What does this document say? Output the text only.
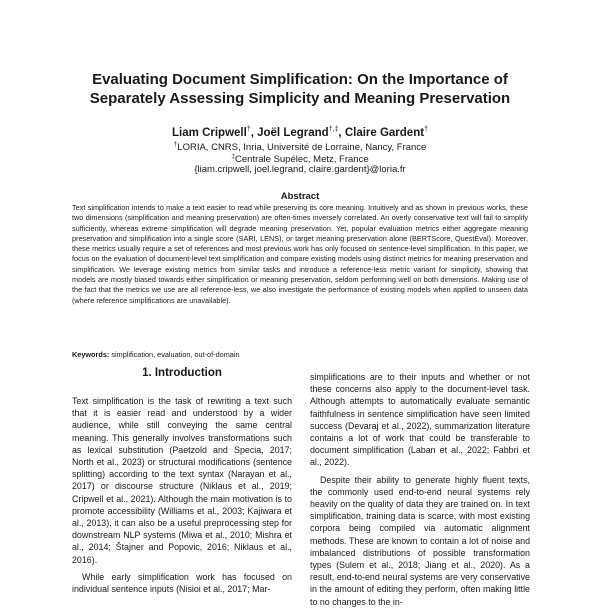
Evaluating Document Simplification: On the Importance of
Separately Assessing Simplicity and Meaning Preservation
Liam Cripwell†, Joël Legrand†,‡, Claire Gardent†
†LORIA, CNRS, Inria, Université de Lorraine, Nancy, France
‡Centrale Supélec, Metz, France
{liam.cripwell, joel.legrand, claire.gardent}@loria.fr
Abstract
Text simplification intends to make a text easier to read while preserving its core meaning. Intuitively and as shown in previous works, these two dimensions (simplification and meaning preservation) are often-times inversely correlated. An overly conservative text will fail to simplify sufficiently, whereas extreme simplification will degrade meaning preservation. Yet, popular evaluation metrics either aggregate meaning preservation and simplification into a single score (SARI, LENS), or target meaning preservation alone (BERTScore, QuestEval). Moreover, these metrics usually require a set of references and most previous work has only focused on sentence-level simplification. In this paper, we focus on the evaluation of document-level text simplification and compare existing models using distinct metrics for meaning preservation and simplification. We leverage existing metrics from similar tasks and introduce a reference-less metric variant for simplicity, showing that models are mostly biased towards either simplification or meaning preservation, seldom performing well on both dimensions. Making use of the fact that the metrics we use are all reference-less, we also investigate the performance of existing models when applied to unseen data (where reference simplifications are unavailable).
Keywords: simplification, evaluation, out-of-domain
1. Introduction

Text simplification is the task of rewriting a text such that it is easier read and understood by a wider audience, while still conveying the same central meaning. This generally involves transformations such as lexical substitution (Paetzold and Specia, 2017; North et al., 2023) or structural modifications (sentence splitting) according to the text syntax (Narayan et al., 2017) or discourse structure (Niklaus et al., 2019; Cripwell et al., 2021). Although the main motivation is to promote accessibility (Williams et al., 2003; Kajiwara et al., 2013), it can also be a useful preprocessing step for downstream NLP systems (Miwa et al., 2010; Mishra et al., 2014; Štajner and Popovic, 2016; Niklaus et al., 2016).

While early simplification work has focused on individual sentence inputs (Nisioi et al., 2017; Mar-

simplifications are to their inputs and whether or not these concerns also apply to the document-level task. Although attempts to automatically evaluate semantic faithfulness in sentence simplification have seen limited success (Devaraj et al., 2022), summarization literature contains a lot of work that could be transferable to document simplification (Laban et al., 2022; Fabbri et al., 2022).

Despite their ability to generate highly fluent texts, the commonly used end-to-end neural systems rely heavily on the quality of data they are trained on. In text simplification, training data is scarce, with most existing corpora being compiled via automatic alignment methods. These are known to contain a lot of noise and imbalanced distributions of possible transformation types (Sulem et al., 2018; Jiang et al., 2020). As a result, end-to-end neural systems are very conservative in the amount of editing they perform, often making little to no changes to the in-
